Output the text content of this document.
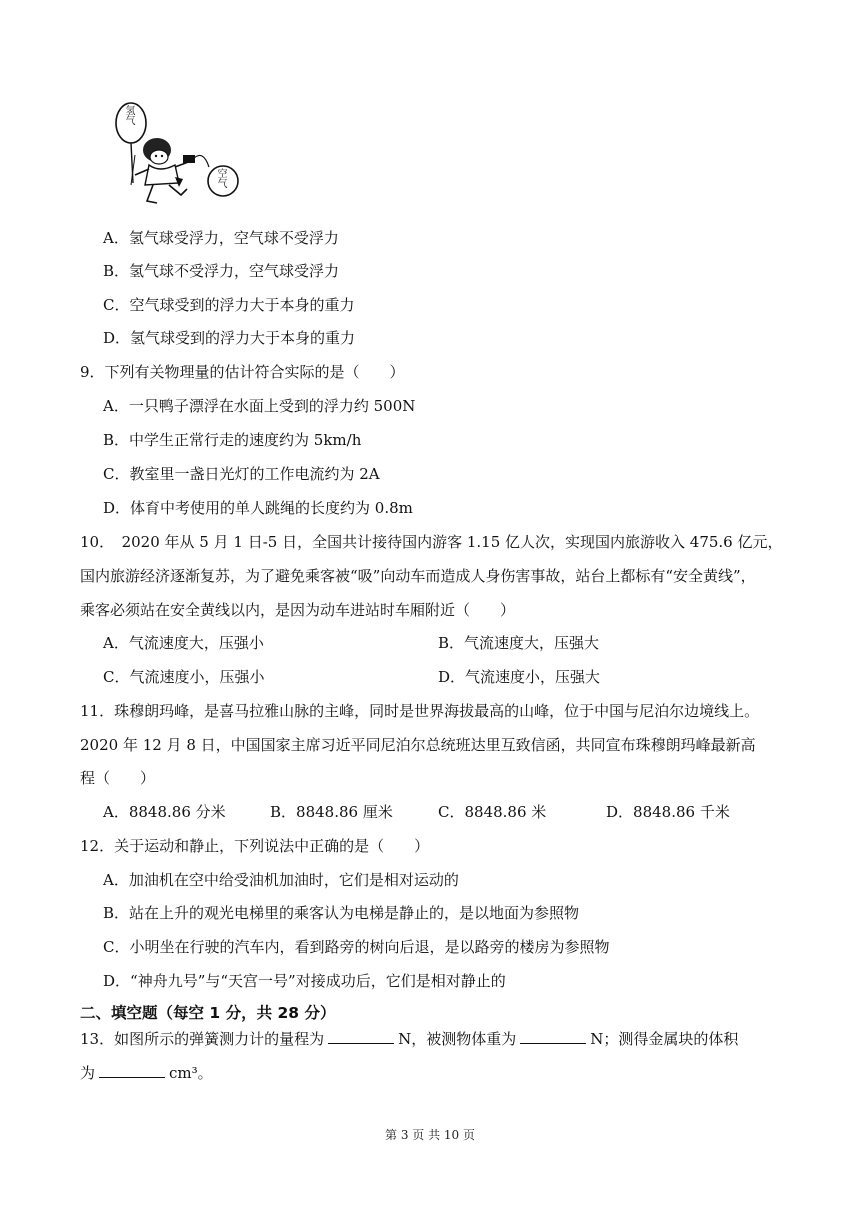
氢气
空气
A．氢气球受浮力，空气球不受浮力
B．氢气球不受浮力，空气球受浮力
C．空气球受到的浮力大于本身的重力
D．氢气球受到的浮力大于本身的重力
9．下列有关物理量的估计符合实际的是（　　）
A．一只鸭子漂浮在水面上受到的浮力约 500N
B．中学生正常行走的速度约为 5km/h
C．教室里一盏日光灯的工作电流约为 2A
D．体育中考使用的单人跳绳的长度约为 0.8m
10．　2020 年从 5 月 1 日-5 日，全国共计接待国内游客 1.15 亿人次，实现国内旅游收入 475.6 亿元，
国内旅游经济逐渐复苏，为了避免乘客被“吸”向动车而造成人身伤害事故，站台上都标有“安全黄线”，
乘客必须站在安全黄线以内，是因为动车进站时车厢附近（　　）
A．气流速度大，压强小	B．气流速度大，压强大
C．气流速度小，压强小	D．气流速度小，压强大
11．珠穆朗玛峰，是喜马拉雅山脉的主峰，同时是世界海拔最高的山峰，位于中国与尼泊尔边境线上。
2020 年 12 月 8 日，中国国家主席习近平同尼泊尔总统班达里互致信函，共同宣布珠穆朗玛峰最新高
程（　　）
A．8848.86 分米	B．8848.86 厘米	C．8848.86 米	D．8848.86 千米
12．关于运动和静止，下列说法中正确的是（　　）
A．加油机在空中给受油机加油时，它们是相对运动的
B．站在上升的观光电梯里的乘客认为电梯是静止的，是以地面为参照物
C．小明坐在行驶的汽车内，看到路旁的树向后退，是以路旁的楼房为参照物
D．“神舟九号”与“天宫一号”对接成功后，它们是相对静止的
二、填空题（每空 1 分，共 28 分）
13．如图所示的弹簧测力计的量程为	N，被测物体重为	N；测得金属块的体积
为	cm³。
第 3 页 共 10 页
